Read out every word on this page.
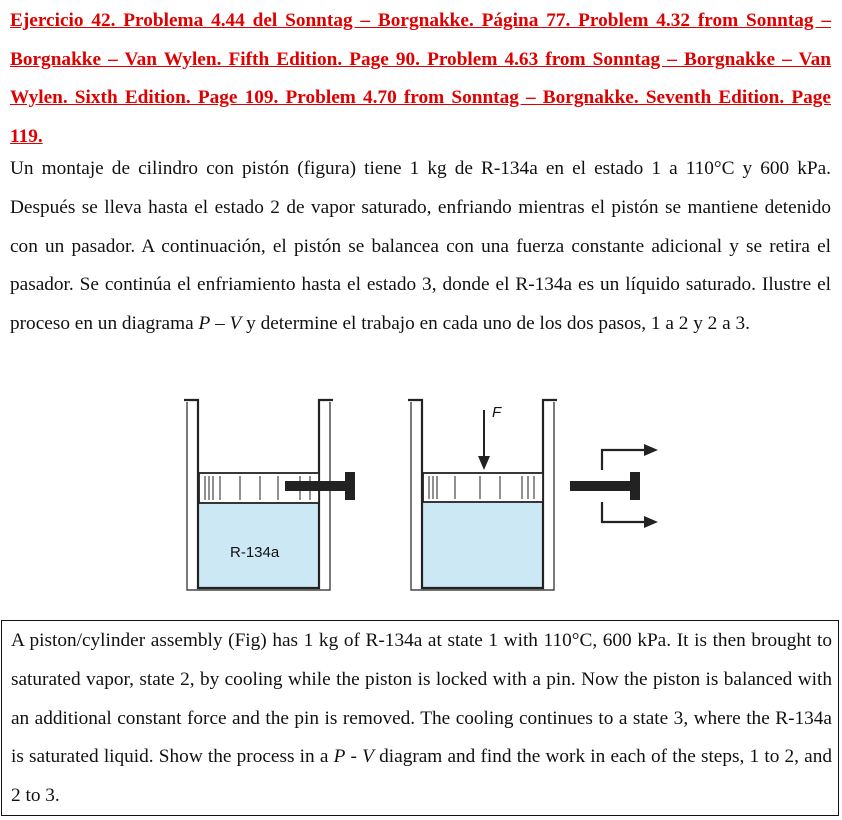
Ejercicio 42. Problema 4.44 del Sonntag – Borgnakke. Página 77. Problem 4.32 from Sonntag – Borgnakke – Van Wylen. Fifth Edition. Page 90. Problem 4.63 from Sonntag – Borgnakke – Van Wylen. Sixth Edition. Page 109. Problem 4.70 from Sonntag – Borgnakke. Seventh Edition. Page 119.
Un montaje de cilindro con pistón (figura) tiene 1 kg de R-134a en el estado 1 a 110°C y 600 kPa. Después se lleva hasta el estado 2 de vapor saturado, enfriando mientras el pistón se mantiene detenido con un pasador. A continuación, el pistón se balancea con una fuerza constante adicional y se retira el pasador. Se continúa el enfriamiento hasta el estado 3, donde el R-134a es un líquido saturado. Ilustre el proceso en un diagrama P – V y determine el trabajo en cada uno de los dos pasos, 1 a 2 y 2 a 3.
R-134a
F
A piston/cylinder assembly (Fig) has 1 kg of R-134a at state 1 with 110°C, 600 kPa. It is then brought to saturated vapor, state 2, by cooling while the piston is locked with a pin. Now the piston is balanced with an additional constant force and the pin is removed. The cooling continues to a state 3, where the R-134a is saturated liquid. Show the process in a P - V diagram and find the work in each of the steps, 1 to 2, and 2 to 3.
